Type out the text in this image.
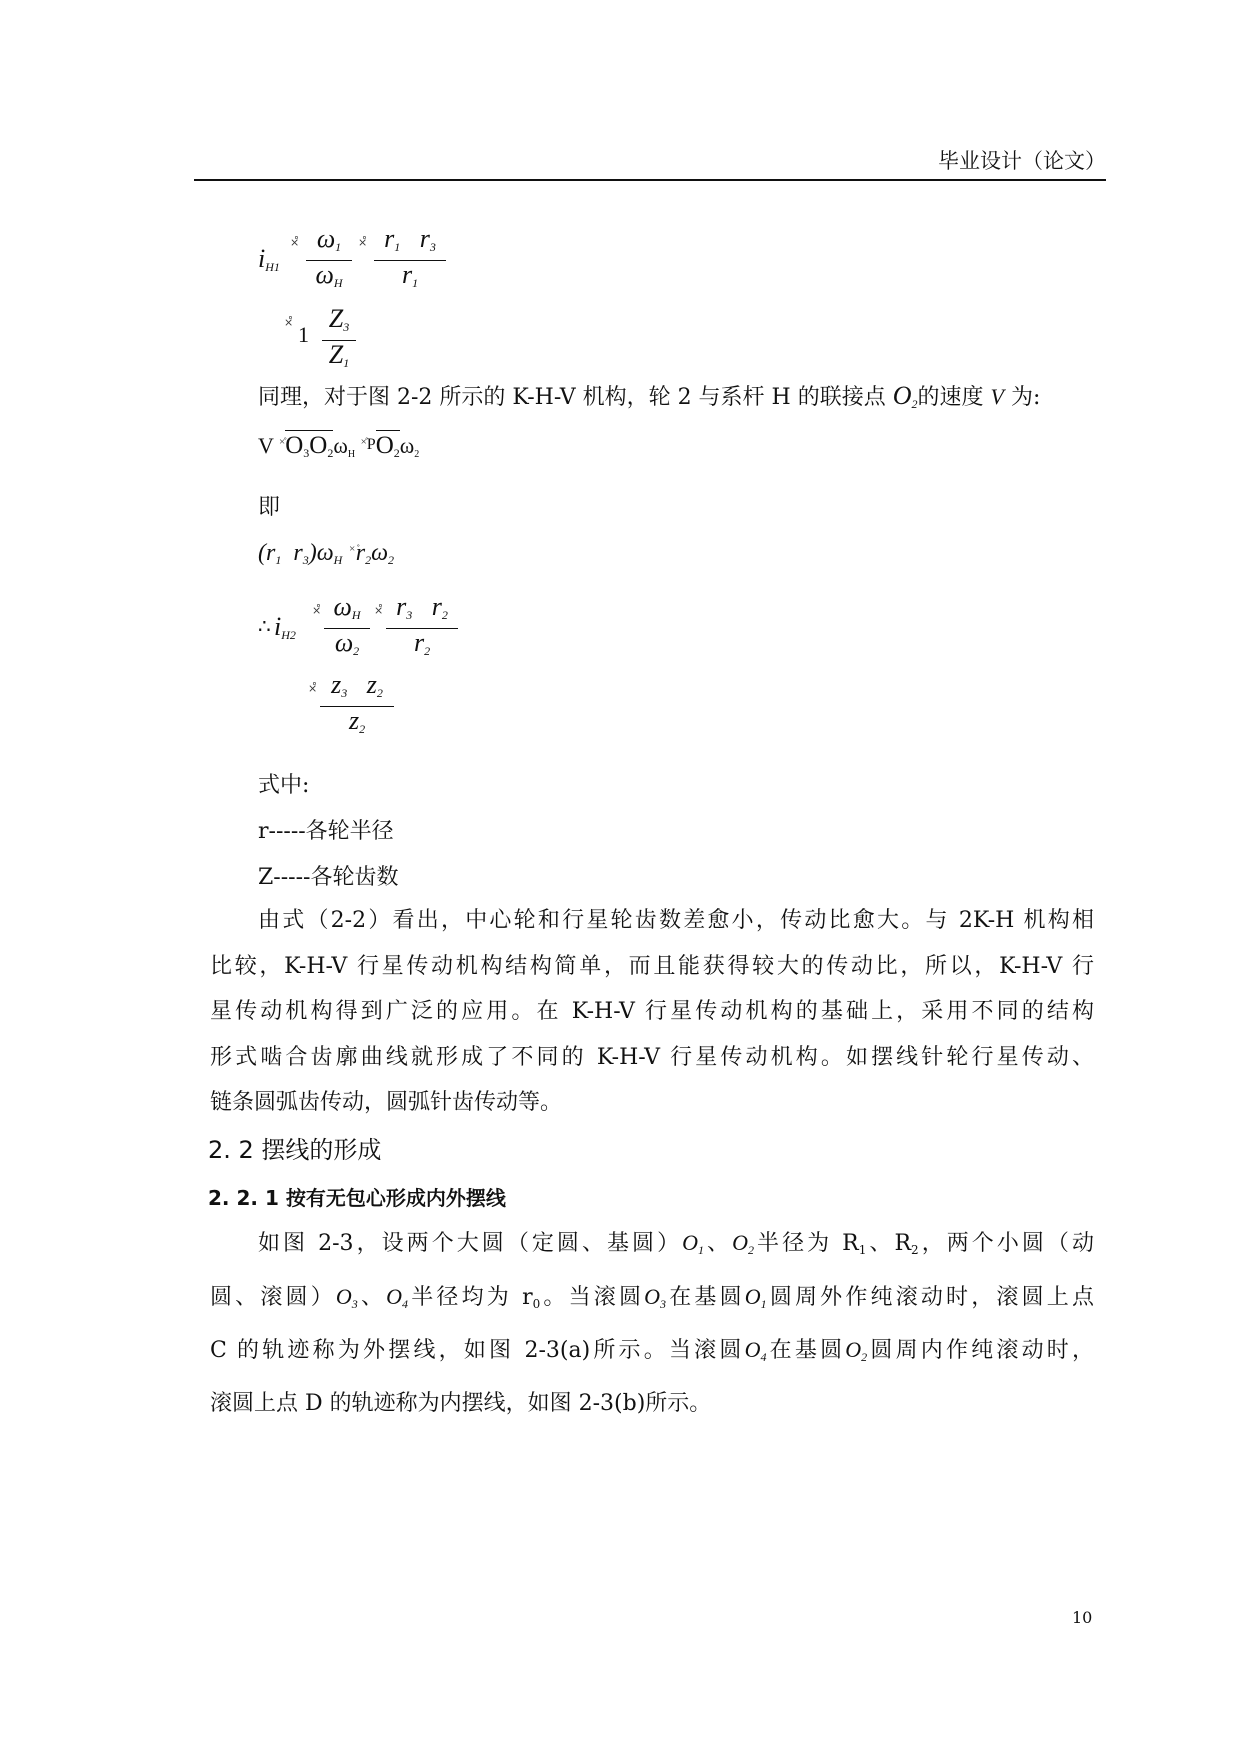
毕业设计（论文）
$i_{H1}$
×̊ $\frac{\omega_1}{\omega_H}$ ×̊ $\frac{r_1 r_3}{r_1}$
×̊ $1 \frac{Z3}{Z1}$
同理，对于图 2-2 所示的 K-H-V 机构，轮 2 与系杆 H 的联接点 $O_2$的速度 V 为:
V ×̊O3O2ωH ×̊PO2ω2
即
(r1 $r3)\omega_H$ ×̊r2ω2
∴ $i_{H2}$
×̊ $\frac{\omega_H}{\omega 2}$ ×̊ $\frac{r3 r2}{r2}$
×̊ $\frac{z3 z2}{z2}$
式中:
r-----各轮半径
Z-----各轮齿数
由式（2-2）看出，中心轮和行星轮齿数差愈小，传动比愈大。与 2K-H 机构相
比较，K-H-V 行星传动机构结构简单，而且能获得较大的传动比，所以，K-H-V 行
星传动机构得到广泛的应用。在 K-H-V 行星传动机构的基础上，采用不同的结构
形式啮合齿廓曲线就形成了不同的 K-H-V 行星传动机构。如摆线针轮行星传动、
链条圆弧齿传动，圆弧针齿传动等。
2. 2 摆线的形成
2. 2. 1 按有无包心形成内外摆线
如图 2-3，设两个大圆（定圆、基圆）$O_1$、$O_2$半径为 R1、R2，两个小圆（动
圆、滚圆）$O_3$、$O_4$半径均为 r0。当滚圆$O_3$在基圆$O_1$圆周外作纯滚动时，滚圆上点
C 的轨迹称为外摆线，如图 2-3(a)所示。当滚圆$O_4$在基圆$O_2$圆周内作纯滚动时，
滚圆上点 D 的轨迹称为内摆线，如图 2-3(b)所示。
10
